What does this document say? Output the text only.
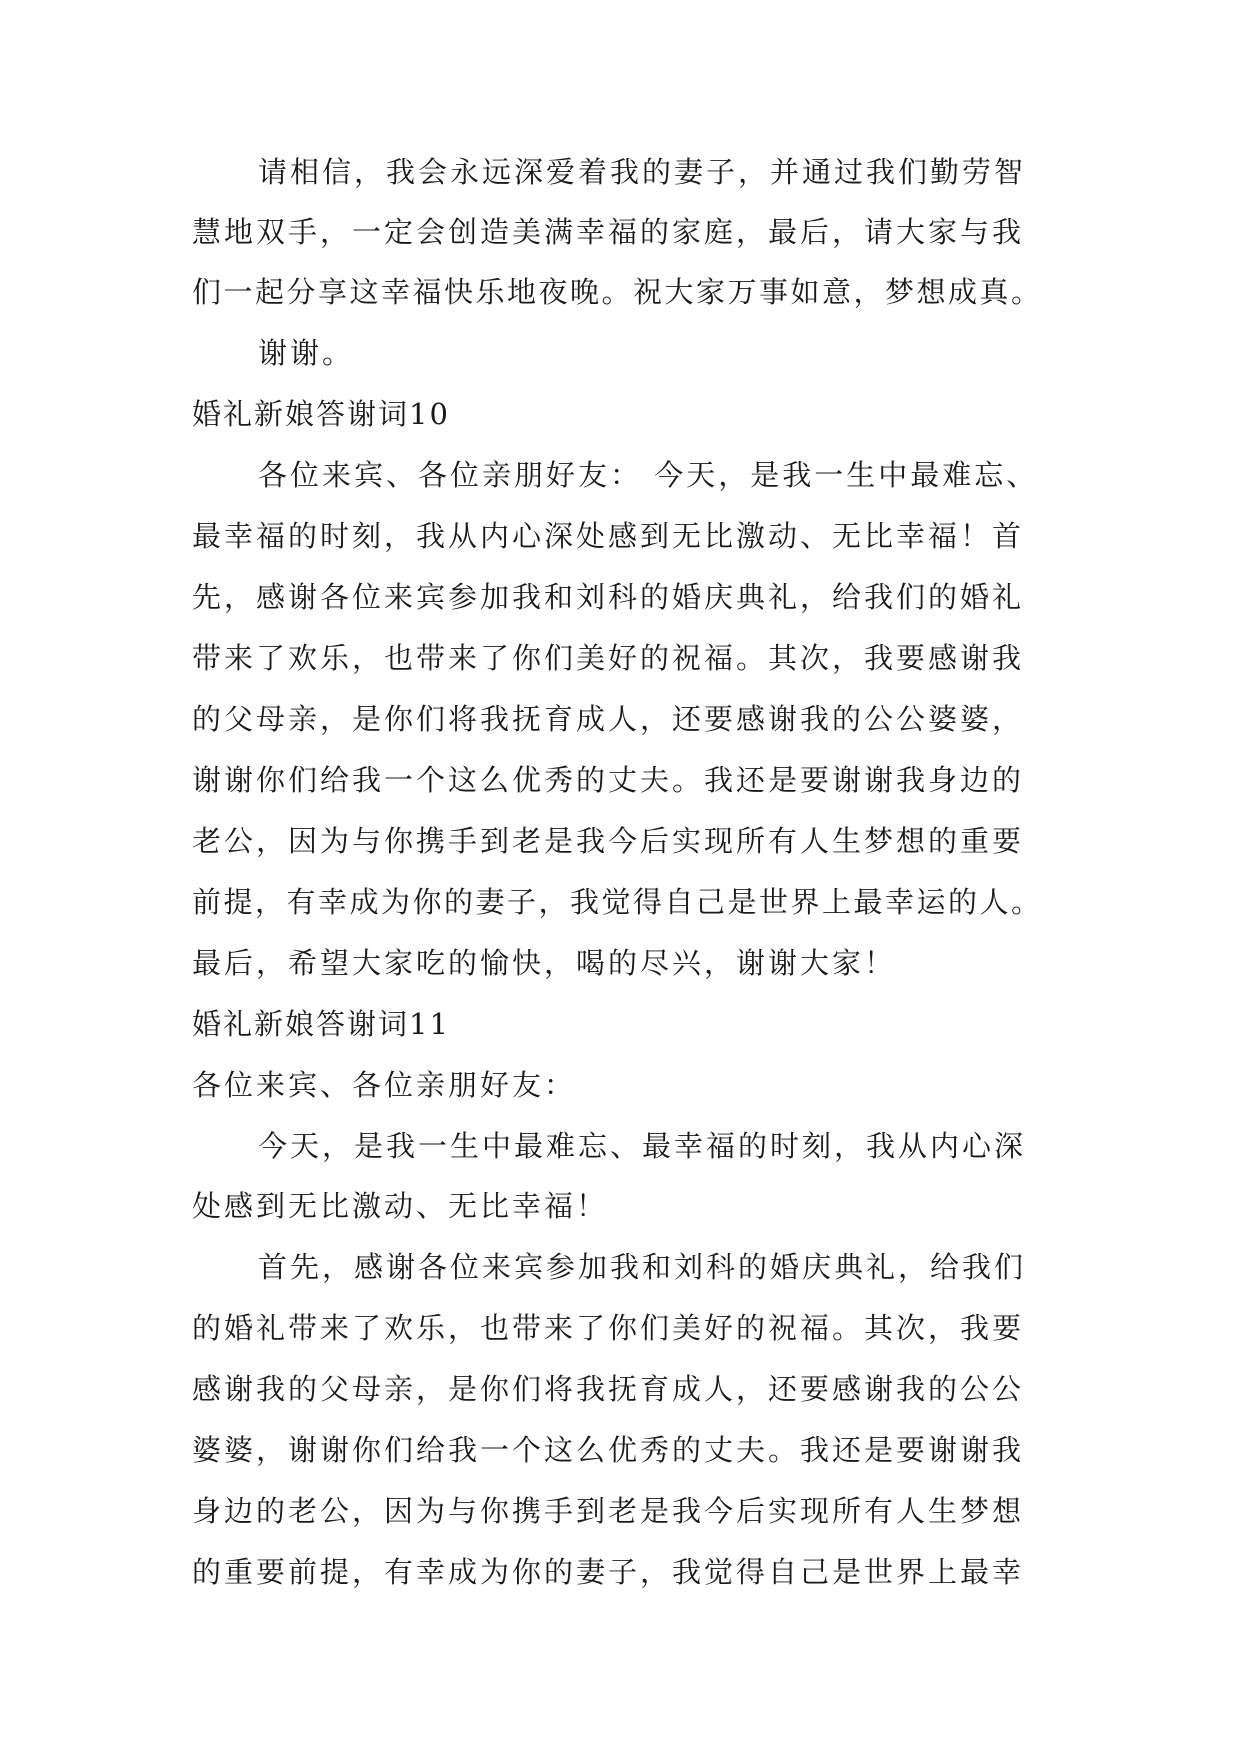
请相信，我会永远深爱着我的妻子，并通过我们勤劳智

慧地双手，一定会创造美满幸福的家庭，最后，请大家与我

们一起分享这幸福快乐地夜晚。祝大家万事如意，梦想成真。

谢谢。

婚礼新娘答谢词10

各位来宾、各位亲朋好友： 今天，是我一生中最难忘、

最幸福的时刻，我从内心深处感到无比激动、无比幸福！首

先，感谢各位来宾参加我和刘科的婚庆典礼，给我们的婚礼

带来了欢乐，也带来了你们美好的祝福。其次，我要感谢我

的父母亲，是你们将我抚育成人，还要感谢我的公公婆婆，

谢谢你们给我一个这么优秀的丈夫。我还是要谢谢我身边的

老公，因为与你携手到老是我今后实现所有人生梦想的重要

前提，有幸成为你的妻子，我觉得自己是世界上最幸运的人。

最后，希望大家吃的愉快，喝的尽兴，谢谢大家！

婚礼新娘答谢词11

各位来宾、各位亲朋好友：

今天，是我一生中最难忘、最幸福的时刻，我从内心深

处感到无比激动、无比幸福！

首先，感谢各位来宾参加我和刘科的婚庆典礼，给我们

的婚礼带来了欢乐，也带来了你们美好的祝福。其次，我要

感谢我的父母亲，是你们将我抚育成人，还要感谢我的公公

婆婆，谢谢你们给我一个这么优秀的丈夫。我还是要谢谢我

身边的老公，因为与你携手到老是我今后实现所有人生梦想

的重要前提，有幸成为你的妻子，我觉得自己是世界上最幸
